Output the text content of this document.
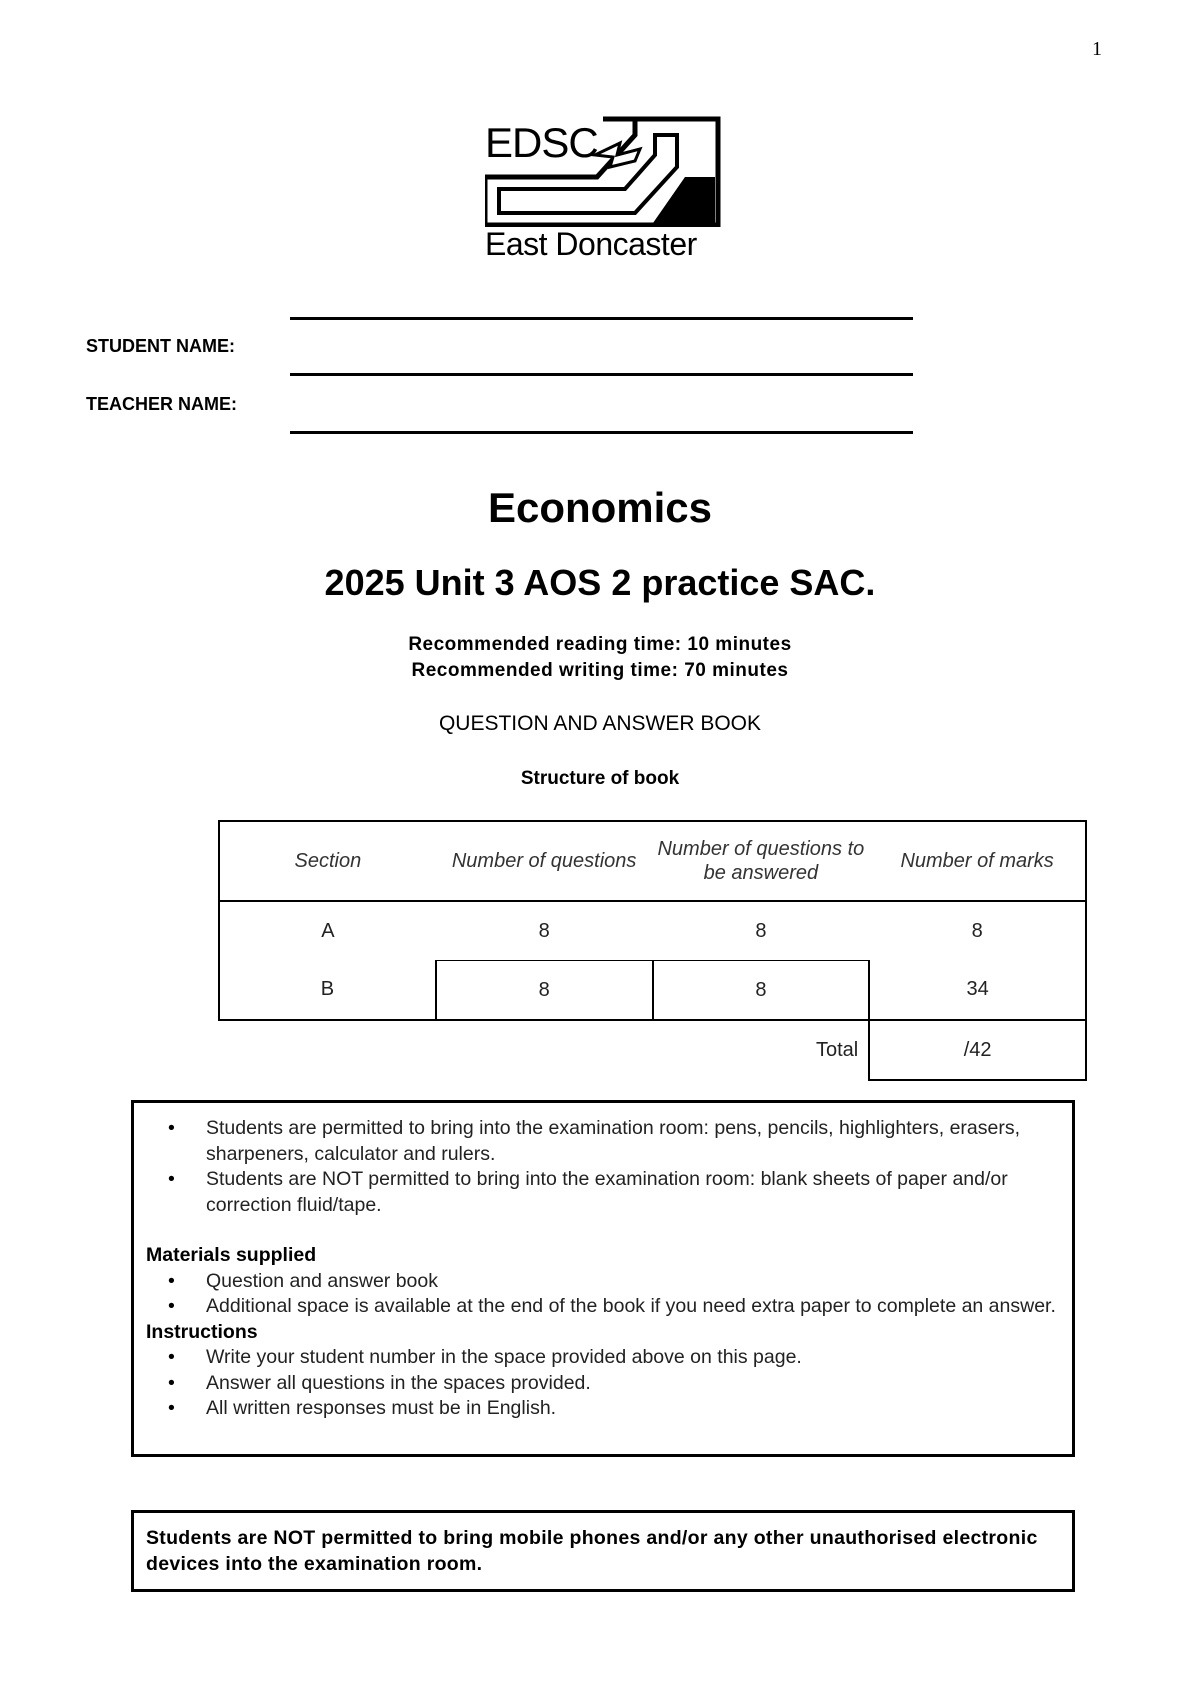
1
EDSC
East Doncaster
STUDENT NAME:
TEACHER NAME:
Economics
2025 Unit 3 AOS 2 practice SAC.
Recommended reading time: 10 minutes
Recommended writing time: 70 minutes
QUESTION AND ANSWER BOOK
Structure of book
Section	Number of questions	Number of questions to be answered	Number of marks
A	8	8	8
B	8	8	34
Total			/42
• Students are permitted to bring into the examination room: pens, pencils, highlighters, erasers, sharpeners, calculator and rulers.
• Students are NOT permitted to bring into the examination room: blank sheets of paper and/or correction fluid/tape.
Materials supplied
• Question and answer book
• Additional space is available at the end of the book if you need extra paper to complete an answer.
Instructions
• Write your student number in the space provided above on this page.
• Answer all questions in the spaces provided.
• All written responses must be in English.
Students are NOT permitted to bring mobile phones and/or any other unauthorised electronic devices into the examination room.
